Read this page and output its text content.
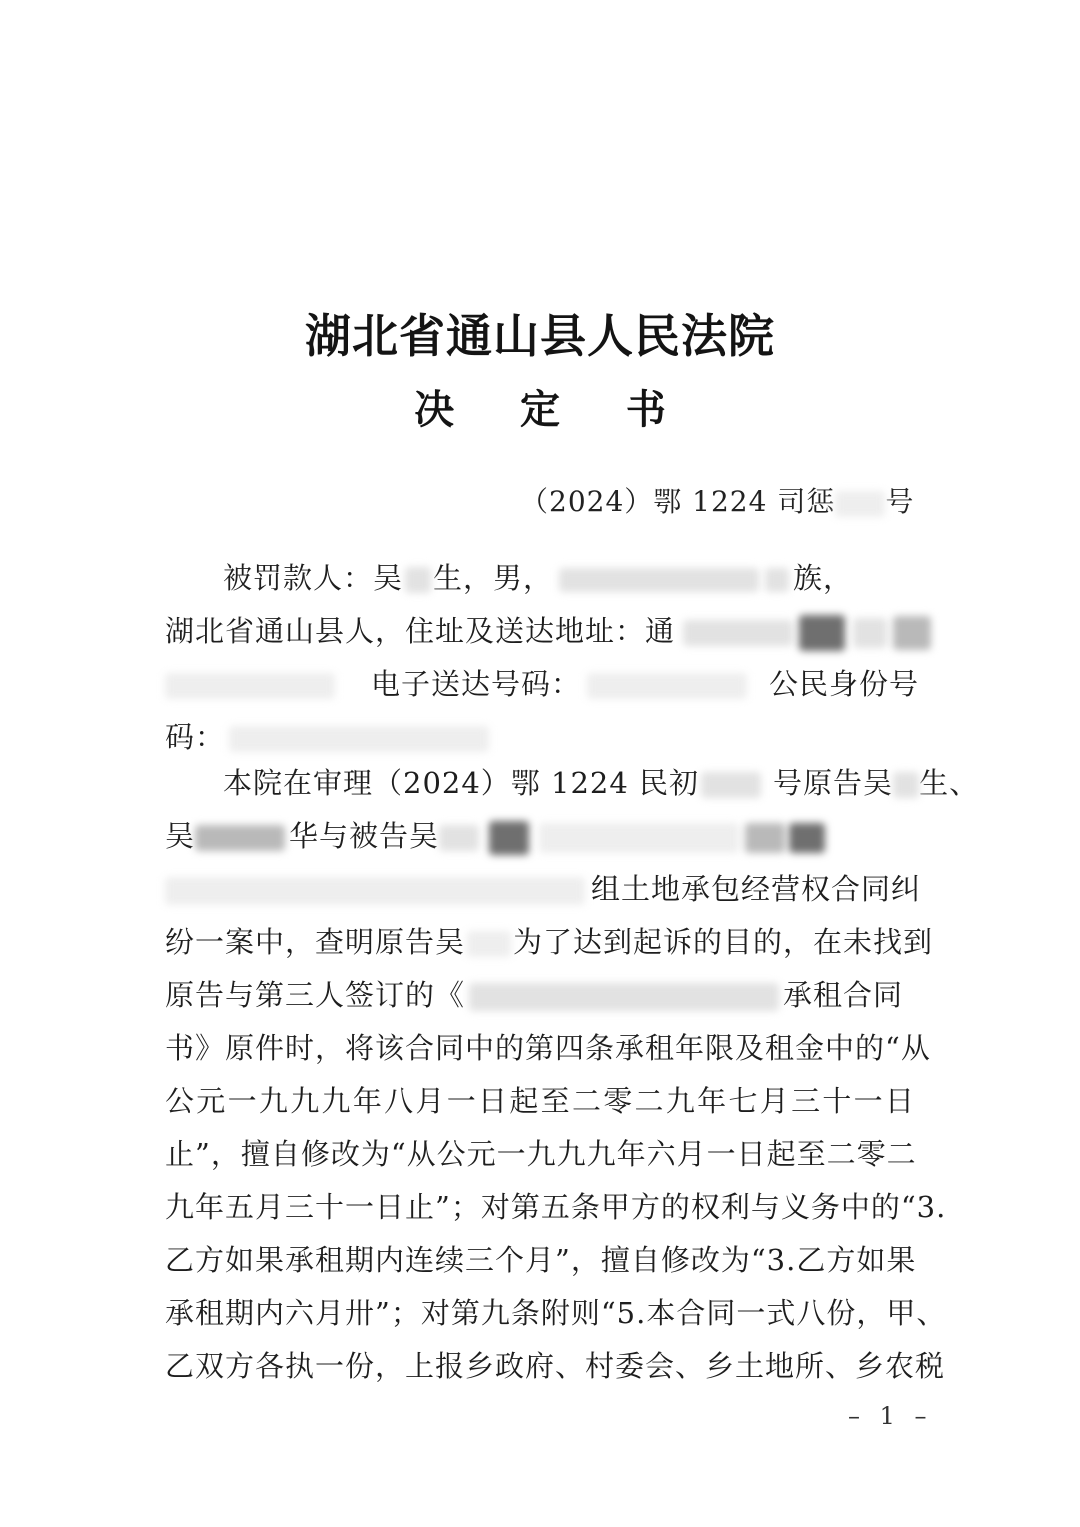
湖北省通山县人民法院
决 定 书
（2024）鄂 1224 司惩 号
被罚款人：吴 生，男，	族，
湖北省通山县人，住址及送达地址：通
电子送达号码：	公民身份号
码：
本院在审理（2024）鄂 1224 民初	号原告吴 生、
吴	华与被告吴
组土地承包经营权合同纠
纷一案中，查明原告吴 为了达到起诉的目的，在未找到
原告与第三人签订的《	承租合同
书》原件时，将该合同中的第四条承租年限及租金中的“从
公元一九九九年八月一日起至二零二九年七月三十一日
止”，擅自修改为“从公元一九九九年六月一日起至二零二
九年五月三十一日止”；对第五条甲方的权利与义务中的“3.
乙方如果承租期内连续三个月”，擅自修改为“3.乙方如果
承租期内六月卅”；对第九条附则“5.本合同一式八份，甲、
乙双方各执一份，上报乡政府、村委会、乡土地所、乡农税
– 1 –
